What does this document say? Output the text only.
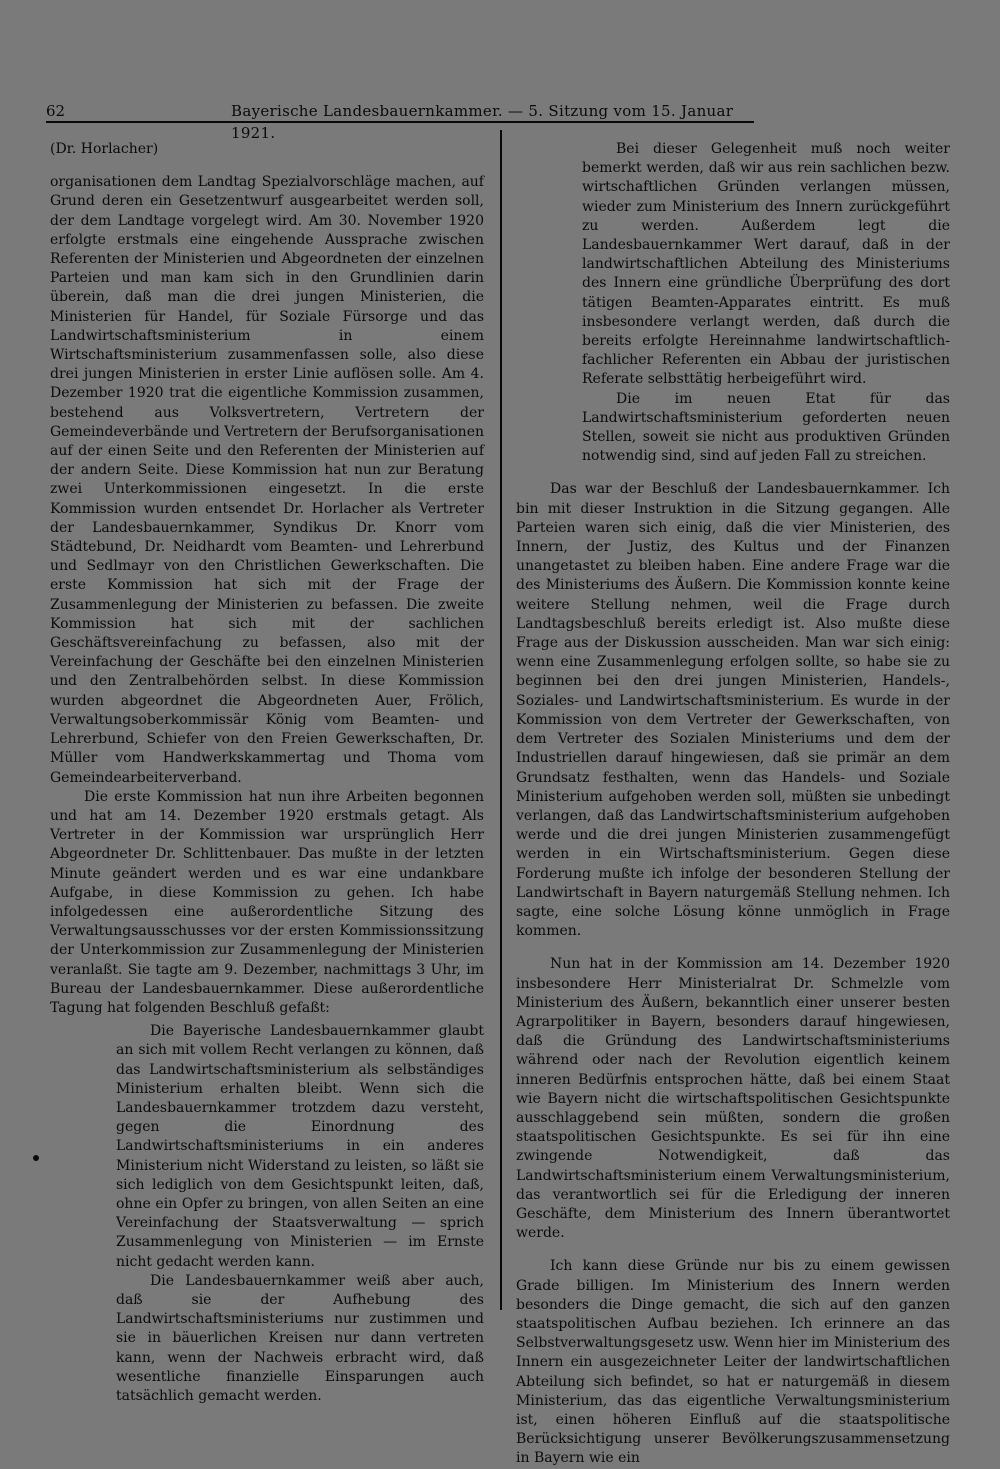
62	Bayerische Landesbauernkammer. — 5. Sitzung vom 15. Januar 1921.

(Dr. Horlacher)

organisationen dem Landtag Spezialvorschläge machen, auf Grund deren ein Gesetzentwurf ausgearbeitet werden soll, der dem Landtage vorgelegt wird. Am 30. November 1920 erfolgte erstmals eine eingehende Aussprache zwischen Referenten der Ministerien und Abgeordneten der einzelnen Parteien und man kam sich in den Grundlinien darin überein, daß man die drei jungen Ministerien, die Ministerien für Handel, für Soziale Fürsorge und das Landwirtschaftsministerium in einem Wirtschaftsministerium zusammenfassen solle, also diese drei jungen Ministerien in erster Linie auflösen solle. Am 4. Dezember 1920 trat die eigentliche Kommission zusammen, bestehend aus Volksvertretern, Vertretern der Gemeindeverbände und Vertretern der Berufsorganisationen auf der einen Seite und den Referenten der Ministerien auf der andern Seite. Diese Kommission hat nun zur Beratung zwei Unterkommissionen eingesetzt. In die erste Kommission wurden entsendet Dr. Horlacher als Vertreter der Landesbauernkammer, Syndikus Dr. Knorr vom Städtebund, Dr. Neidhardt vom Beamten- und Lehrerbund und Sedlmayr von den Christlichen Gewerkschaften. Die erste Kommission hat sich mit der Frage der Zusammenlegung der Ministerien zu befassen. Die zweite Kommission hat sich mit der sachlichen Geschäftsvereinfachung zu befassen, also mit der Vereinfachung der Geschäfte bei den einzelnen Ministerien und den Zentralbehörden selbst. In diese Kommission wurden abgeordnet die Abgeordneten Auer, Frölich, Verwaltungsoberkommissär König vom Beamten- und Lehrerbund, Schiefer von den Freien Gewerkschaften, Dr. Müller vom Handwerkskammertag und Thoma vom Gemeindearbeiterverband.

Die erste Kommission hat nun ihre Arbeiten begonnen und hat am 14. Dezember 1920 erstmals getagt. Als Vertreter in der Kommission war ursprünglich Herr Abgeordneter Dr. Schlittenbauer. Das mußte in der letzten Minute geändert werden und es war eine undankbare Aufgabe, in diese Kommission zu gehen. Ich habe infolgedessen eine außerordentliche Sitzung des Verwaltungsausschusses vor der ersten Kommissionssitzung der Unterkommission zur Zusammenlegung der Ministerien veranlaßt. Sie tagte am 9. Dezember, nachmittags 3 Uhr, im Bureau der Landesbauernkammer. Diese außerordentliche Tagung hat folgenden Beschluß gefaßt:

Die Bayerische Landesbauernkammer glaubt an sich mit vollem Recht verlangen zu können, daß das Landwirtschaftsministerium als selbständiges Ministerium erhalten bleibt. Wenn sich die Landesbauernkammer trotzdem dazu versteht, gegen die Einordnung des Landwirtschaftsministeriums in ein anderes Ministerium nicht Widerstand zu leisten, so läßt sie sich lediglich von dem Gesichtspunkt leiten, daß, ohne ein Opfer zu bringen, von allen Seiten an eine Vereinfachung der Staatsverwaltung — sprich Zusammenlegung von Ministerien — im Ernste nicht gedacht werden kann.

Die Landesbauernkammer weiß aber auch, daß sie der Aufhebung des Landwirtschaftsministeriums nur zustimmen und sie in bäuerlichen Kreisen nur dann vertreten kann, wenn der Nachweis erbracht wird, daß wesentliche finanzielle Einsparungen auch tatsächlich gemacht werden.

Bei dieser Gelegenheit muß noch weiter bemerkt werden, daß wir aus rein sachlichen bezw. wirtschaftlichen Gründen verlangen müssen, wieder zum Ministerium des Innern zurückgeführt zu werden. Außerdem legt die Landesbauernkammer Wert darauf, daß in der landwirtschaftlichen Abteilung des Ministeriums des Innern eine gründliche Überprüfung des dort tätigen Beamten-Apparates eintritt. Es muß insbesondere verlangt werden, daß durch die bereits erfolgte Hereinnahme landwirtschaftlich-fachlicher Referenten ein Abbau der juristischen Referate selbsttätig herbeigeführt wird.

Die im neuen Etat für das Landwirtschaftsministerium geforderten neuen Stellen, soweit sie nicht aus produktiven Gründen notwendig sind, sind auf jeden Fall zu streichen.

Das war der Beschluß der Landesbauernkammer. Ich bin mit dieser Instruktion in die Sitzung gegangen. Alle Parteien waren sich einig, daß die vier Ministerien, des Innern, der Justiz, des Kultus und der Finanzen unangetastet zu bleiben haben. Eine andere Frage war die des Ministeriums des Äußern. Die Kommission konnte keine weitere Stellung nehmen, weil die Frage durch Landtagsbeschluß bereits erledigt ist. Also mußte diese Frage aus der Diskussion ausscheiden. Man war sich einig: wenn eine Zusammenlegung erfolgen sollte, so habe sie zu beginnen bei den drei jungen Ministerien, Handels-, Soziales- und Landwirtschaftsministerium. Es wurde in der Kommission von dem Vertreter der Gewerkschaften, von dem Vertreter des Sozialen Ministeriums und dem der Industriellen darauf hingewiesen, daß sie primär an dem Grundsatz festhalten, wenn das Handels- und Soziale Ministerium aufgehoben werden soll, müßten sie unbedingt verlangen, daß das Landwirtschaftsministerium aufgehoben werde und die drei jungen Ministerien zusammengefügt werden in ein Wirtschaftsministerium. Gegen diese Forderung mußte ich infolge der besonderen Stellung der Landwirtschaft in Bayern naturgemäß Stellung nehmen. Ich sagte, eine solche Lösung könne unmöglich in Frage kommen.

Nun hat in der Kommission am 14. Dezember 1920 insbesondere Herr Ministerialrat Dr. Schmelzle vom Ministerium des Äußern, bekanntlich einer unserer besten Agrarpolitiker in Bayern, besonders darauf hingewiesen, daß die Gründung des Landwirtschaftsministeriums während oder nach der Revolution eigentlich keinem inneren Bedürfnis entsprochen hätte, daß bei einem Staat wie Bayern nicht die wirtschaftspolitischen Gesichtspunkte ausschlaggebend sein müßten, sondern die großen staatspolitischen Gesichtspunkte. Es sei für ihn eine zwingende Notwendigkeit, daß das Landwirtschaftsministerium einem Verwaltungsministerium, das verantwortlich sei für die Erledigung der inneren Geschäfte, dem Ministerium des Innern überantwortet werde.

Ich kann diese Gründe nur bis zu einem gewissen Grade billigen. Im Ministerium des Innern werden besonders die Dinge gemacht, die sich auf den ganzen staatspolitischen Aufbau beziehen. Ich erinnere an das Selbstverwaltungsgesetz usw. Wenn hier im Ministerium des Innern ein ausgezeichneter Leiter der landwirtschaftlichen Abteilung sich befindet, so hat er naturgemäß in diesem Ministerium, das das eigentliche Verwaltungsministerium ist, einen höheren Einfluß auf die staatspolitische Berücksichtigung unserer Bevölkerungszusammensetzung in Bayern wie ein
